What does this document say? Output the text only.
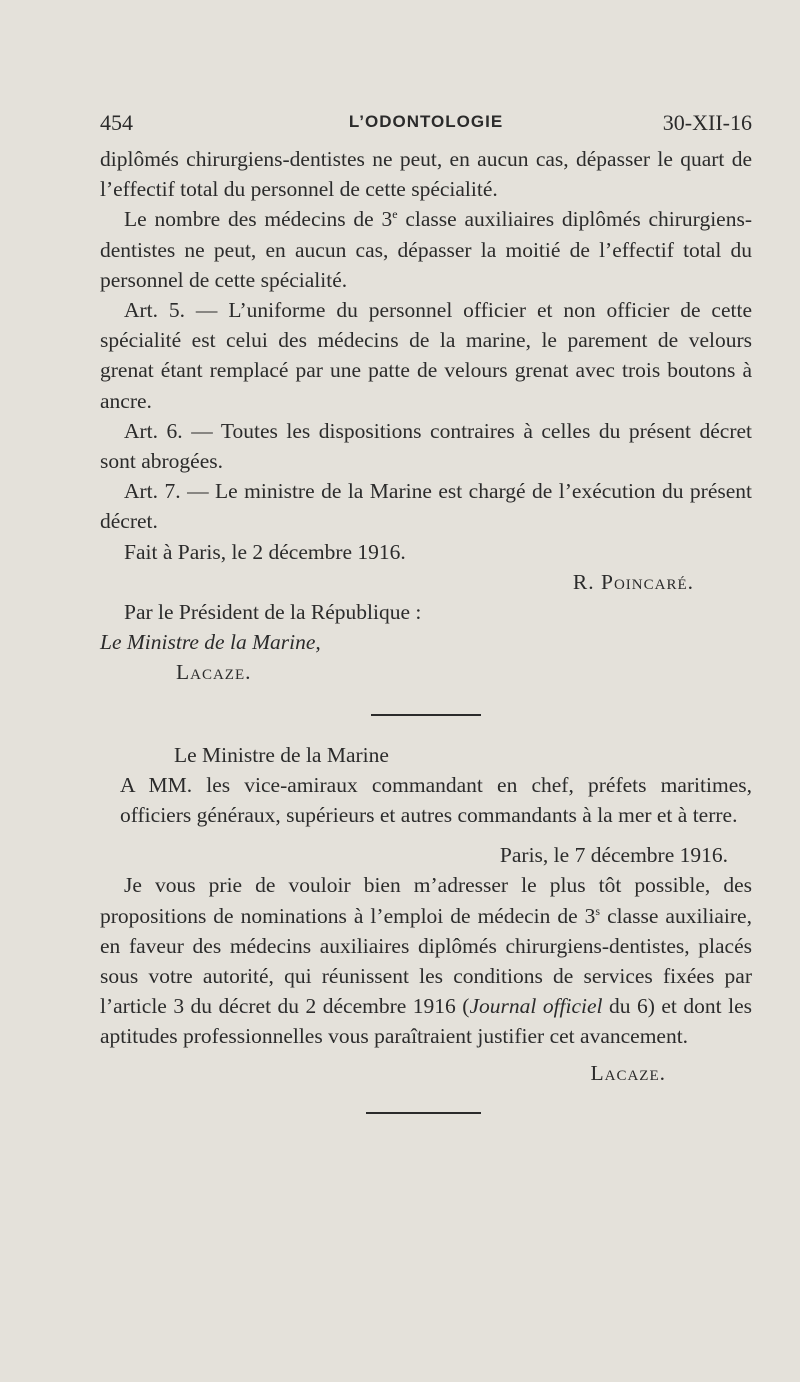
454	L’ODONTOLOGIE	30-XII-16

diplômés chirurgiens-dentistes ne peut, en aucun cas, dépasser le quart de l’effectif total du personnel de cette spécialité.

Le nombre des médecins de 3e classe auxiliaires diplômés chirurgiens-dentistes ne peut, en aucun cas, dépasser la moitié de l’effectif total du personnel de cette spécialité.

Art. 5. — L’uniforme du personnel officier et non officier de cette spécialité est celui des médecins de la marine, le parement de velours grenat étant remplacé par une patte de velours grenat avec trois boutons à ancre.

Art. 6. — Toutes les dispositions contraires à celles du présent décret sont abrogées.

Art. 7. — Le ministre de la Marine est chargé de l’exécution du présent décret.

Fait à Paris, le 2 décembre 1916.

R. Poincaré.

Par le Président de la République :

Le Ministre de la Marine,
Lacaze.
Le Ministre de la Marine

A MM. les vice-amiraux commandant en chef, préfets maritimes, officiers généraux, supérieurs et autres commandants à la mer et à terre.

Paris, le 7 décembre 1916.

Je vous prie de vouloir bien m’adresser le plus tôt possible, des propositions de nominations à l’emploi de médecin de 3$^s$ classe auxiliaire, en faveur des médecins auxiliaires diplômés chirurgiens-dentistes, placés sous votre autorité, qui réunissent les conditions de services fixées par l’article 3 du décret du 2 décembre 1916 (Journal officiel du 6) et dont les aptitudes professionnelles vous paraîtraient justifier cet avancement.

Lacaze.
